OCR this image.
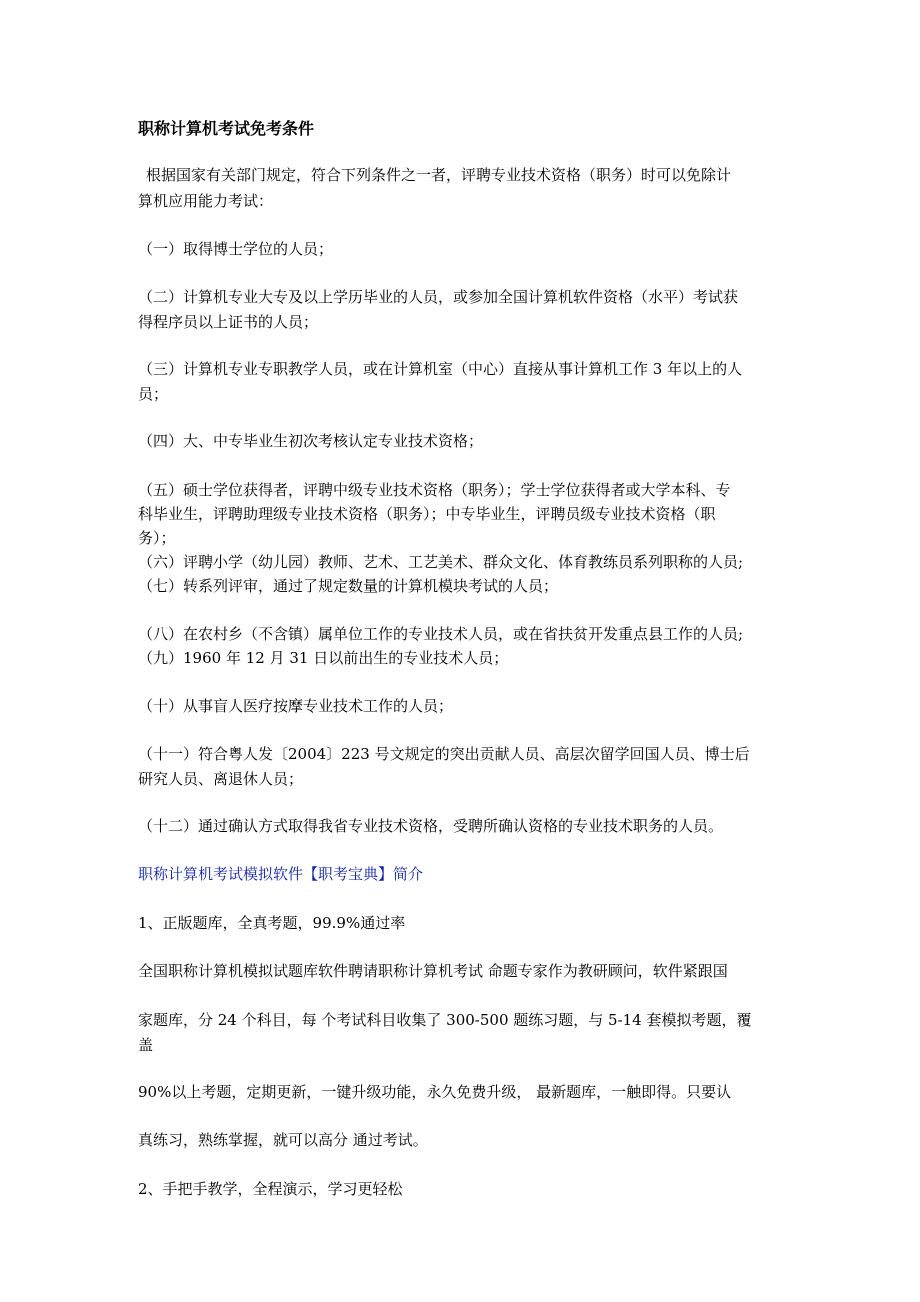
职称计算机考试免考条件
根据国家有关部门规定，符合下列条件之一者，评聘专业技术资格（职务）时可以免除计
算机应用能力考试：
（一）取得博士学位的人员；
（二）计算机专业大专及以上学历毕业的人员，或参加全国计算机软件资格（水平）考试获
得程序员以上证书的人员；
（三）计算机专业专职教学人员，或在计算机室（中心）直接从事计算机工作 3 年以上的人
员；
（四）大、中专毕业生初次考核认定专业技术资格；
（五）硕士学位获得者，评聘中级专业技术资格（职务）；学士学位获得者或大学本科、专
科毕业生，评聘助理级专业技术资格（职务）；中专毕业生，评聘员级专业技术资格（职
务）；
（六）评聘小学（幼儿园）教师、艺术、工艺美术、群众文化、体育教练员系列职称的人员;
（七）转系列评审，通过了规定数量的计算机模块考试的人员；
（八）在农村乡（不含镇）属单位工作的专业技术人员，或在省扶贫开发重点县工作的人员;
（九）1960 年 12 月 31 日以前出生的专业技术人员；
（十）从事盲人医疗按摩专业技术工作的人员；
（十一）符合粤人发〔2004〕223 号文规定的突出贡献人员、高层次留学回国人员、博士后
研究人员、离退休人员；
（十二）通过确认方式取得我省专业技术资格，受聘所确认资格的专业技术职务的人员。
职称计算机考试模拟软件【职考宝典】简介
1、正版题库，全真考题，99.9%通过率
全国职称计算机模拟试题库软件聘请职称计算机考试 命题专家作为教研顾问，软件紧跟国
家题库，分 24 个科目，每 个考试科目收集了 300-500 题练习题，与 5-14 套模拟考题，覆
盖
90%以上考题，定期更新，一键升级功能，永久免费升级， 最新题库，一触即得。只要认
真练习，熟练掌握，就可以高分 通过考试。
2、手把手教学，全程演示，学习更轻松
